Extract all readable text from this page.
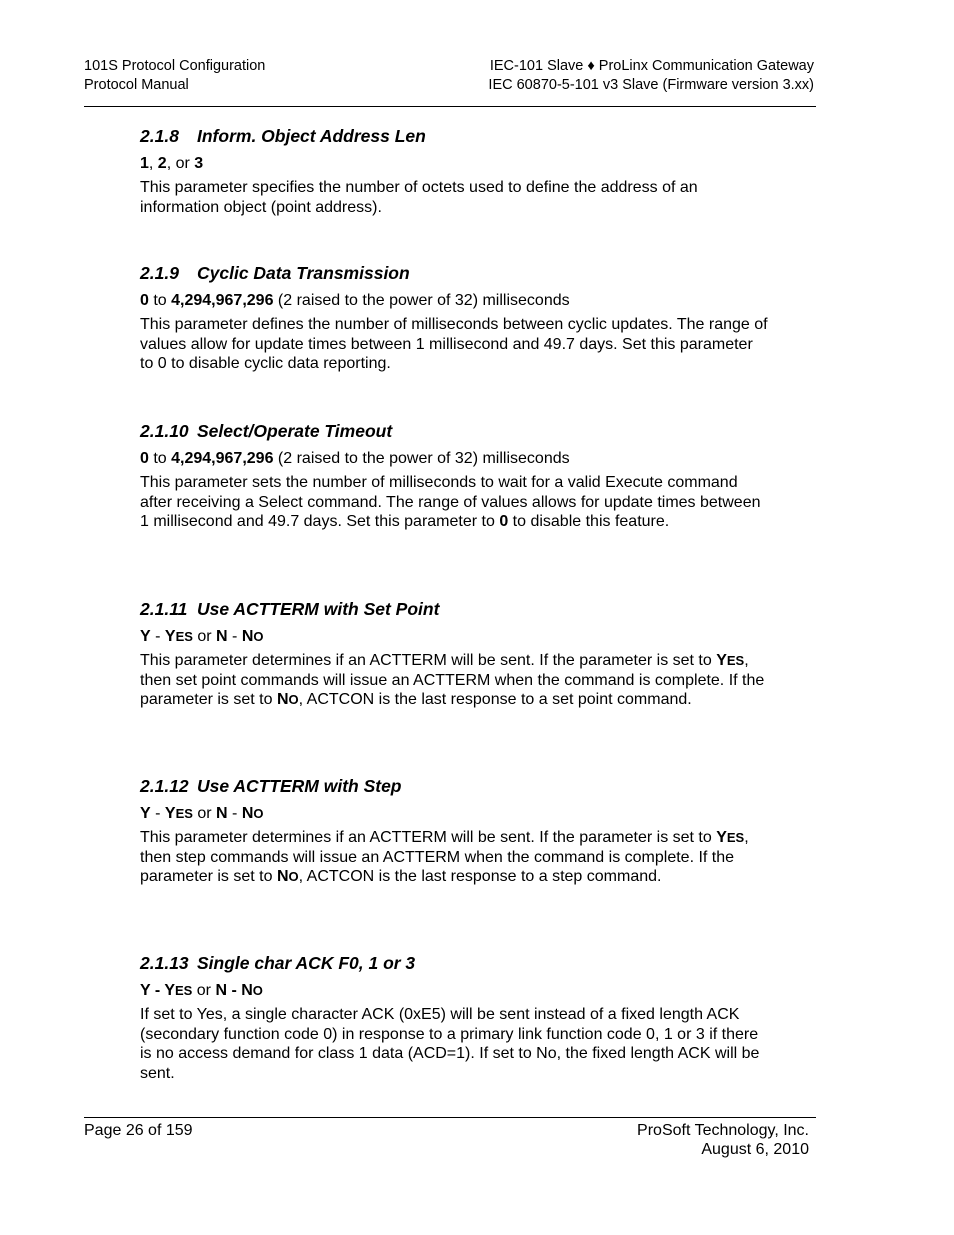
101S Protocol Configuration
Protocol Manual
IEC-101 Slave ♦ ProLinx Communication Gateway
IEC 60870-5-101 v3 Slave (Firmware version 3.xx)
2.1.8 Inform. Object Address Len
1, 2, or 3

This parameter specifies the number of octets used to define the address of an information object (point address).

2.1.9 Cyclic Data Transmission
0 to 4,294,967,296 (2 raised to the power of 32) milliseconds

This parameter defines the number of milliseconds between cyclic updates. The range of values allow for update times between 1 millisecond and 49.7 days. Set this parameter to 0 to disable cyclic data reporting.

2.1.10 Select/Operate Timeout
0 to 4,294,967,296 (2 raised to the power of 32) milliseconds

This parameter sets the number of milliseconds to wait for a valid Execute command after receiving a Select command. The range of values allows for update times between 1 millisecond and 49.7 days. Set this parameter to 0 to disable this feature.

2.1.11 Use ACTTERM with Set Point
Y - YES or N - NO

This parameter determines if an ACTTERM will be sent. If the parameter is set to YES, then set point commands will issue an ACTTERM when the command is complete. If the parameter is set to NO, ACTCON is the last response to a set point command.

2.1.12 Use ACTTERM with Step
Y - YES or N - NO

This parameter determines if an ACTTERM will be sent. If the parameter is set to YES, then step commands will issue an ACTTERM when the command is complete. If the parameter is set to NO, ACTCON is the last response to a step command.

2.1.13 Single char ACK F0, 1 or 3
Y - YES or N - NO

If set to Yes, a single character ACK (0xE5) will be sent instead of a fixed length ACK (secondary function code 0) in response to a primary link function code 0, 1 or 3 if there is no access demand for class 1 data (ACD=1). If set to No, the fixed length ACK will be sent.

Page 26 of 159	ProSoft Technology, Inc.
August 6, 2010
